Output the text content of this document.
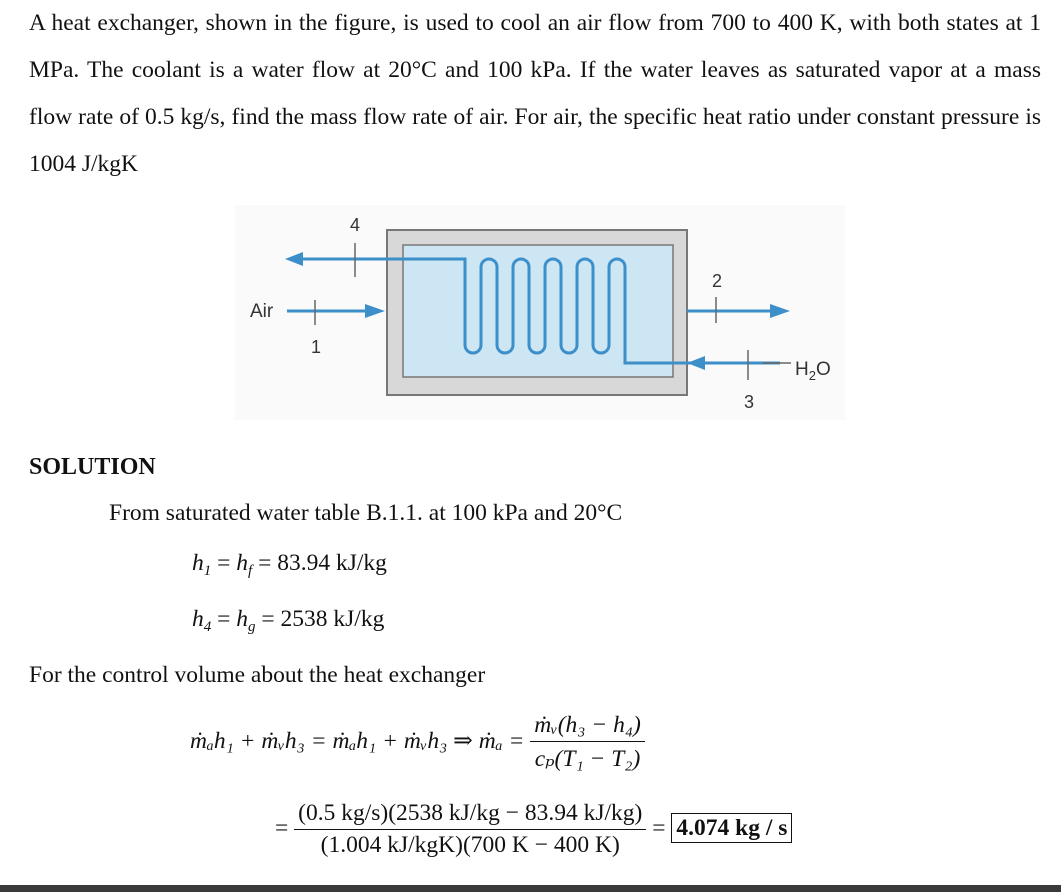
A heat exchanger, shown in the figure, is used to cool an air flow from 700 to 400 K, with both states at 1 MPa. The coolant is a water flow at 20°C and 100 kPa. If the water leaves as saturated vapor at a mass flow rate of 0.5 kg/s, find the mass flow rate of air. For air, the specific heat ratio under constant pressure is 1004 J/kgK
Air
1
4
2
3
$H_2O$
SOLUTION
From saturated water table B.1.1. at 100 kPa and 20°C
$h_1 = h_f = 83.94$ kJ/kg
$h_4 = h_g = 2538$ kJ/kg
For the control volume about the heat exchanger
ṁₐh₁ + ṁᵥh₃ = ṁₐh₁ + ṁᵥh₃ ⇒ ṁₐ = $\frac{\text{ṁᵥ(h₃ − h₄)}}{\text{cₚ(T₁ − T₂)}}$
= $\frac{(0.5 kg/s)(2538 kJ/kg - 83.94 kJ/kg)}{\text{(1.004 kJ/kgK)(700 K − 400 K)}} = 4.074$ kg / s
